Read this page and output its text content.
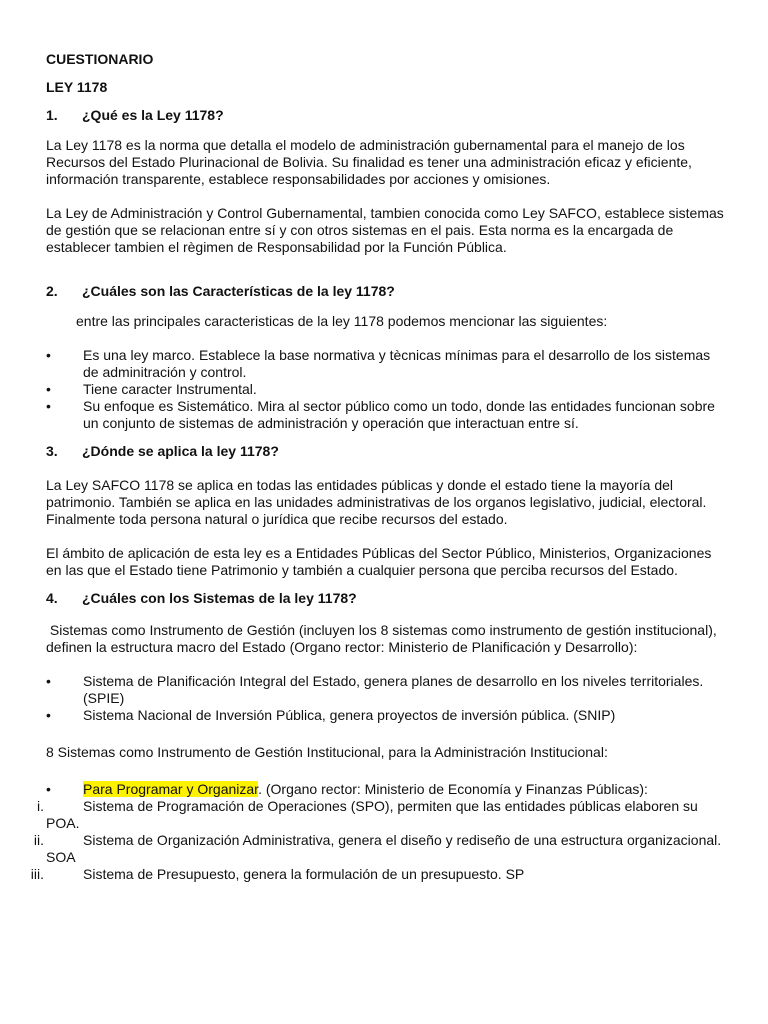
CUESTIONARIO
LEY 1178
1.	¿Qué es la Ley 1178?

La Ley 1178 es la norma que detalla el modelo de administración gubernamental para el manejo de los Recursos del Estado Plurinacional de Bolivia. Su finalidad es tener una administración eficaz y eficiente, información transparente, establece responsabilidades por acciones y omisiones.

La Ley de Administración y Control Gubernamental, tambien conocida como Ley SAFCO, establece sistemas de gestión que se relacionan entre sí y con otros sistemas en el pais. Esta norma es la encargada de establecer tambien el règimen de Responsabilidad por la Función Pública.

2.	¿Cuáles son las Características de la ley 1178?

entre las principales caracteristicas de la ley 1178 podemos mencionar las siguientes:

•	Es una ley marco. Establece la base normativa y tècnicas mínimas para el desarrollo de los sistemas de adminitración y control.
•	Tiene caracter Instrumental.
•	Su enfoque es Sistemático. Mira al sector público como un todo, donde las entidades funcionan sobre un conjunto de sistemas de administración y operación que interactuan entre sí.
3.	¿Dónde se aplica la ley 1178?

La Ley SAFCO 1178 se aplica en todas las entidades públicas y donde el estado tiene la mayoría del patrimonio. También se aplica en las unidades administrativas de los organos legislativo, judicial, electoral. Finalmente toda persona natural o jurídica que recibe recursos del estado.

El ámbito de aplicación de esta ley es a Entidades Públicas del Sector Público, Ministerios, Organizaciones en las que el Estado tiene Patrimonio y también a cualquier persona que perciba recursos del Estado.

4.	¿Cuáles con los Sistemas de la ley 1178?

Sistemas como Instrumento de Gestión (incluyen los 8 sistemas como instrumento de gestión institucional), definen la estructura macro del Estado (Organo rector: Ministerio de Planificación y Desarrollo):

•	Sistema de Planificación Integral del Estado, genera planes de desarrollo en los niveles territoriales. (SPIE)
•	Sistema Nacional de Inversión Pública, genera proyectos de inversión pública. (SNIP)

8 Sistemas como Instrumento de Gestión Institucional, para la Administración Institucional:

•	Para Programar y Organizar. (Organo rector: Ministerio de Economía y Finanzas Públicas):
i.	Sistema de Programación de Operaciones (SPO), permiten que las entidades públicas elaboren su POA.
ii.	Sistema de Organización Administrativa, genera el diseño y rediseño de una estructura organizacional. SOA
iii.	Sistema de Presupuesto, genera la formulación de un presupuesto. SP
